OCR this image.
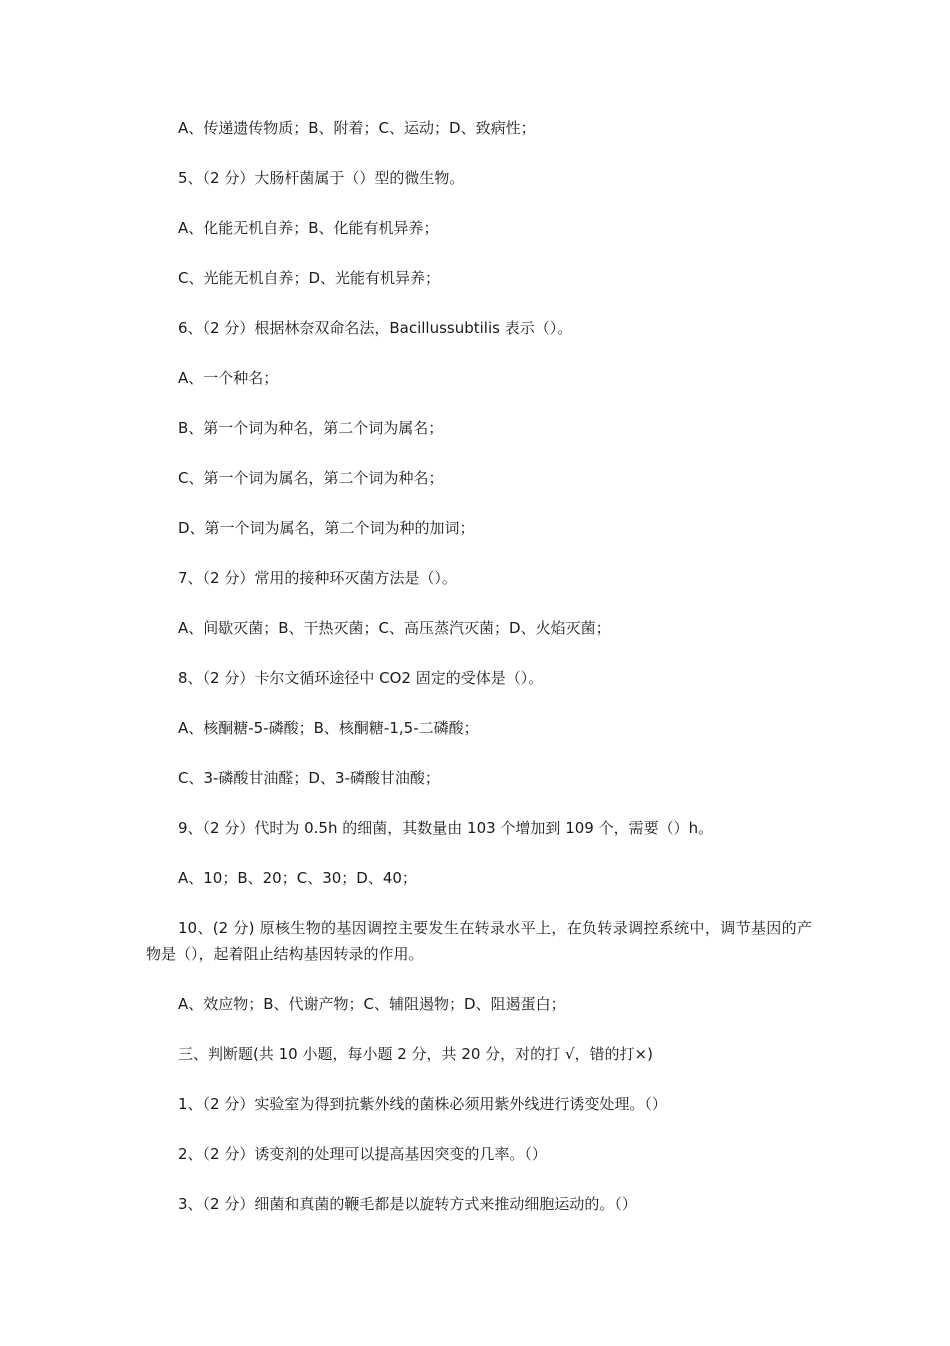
A、传递遗传物质；B、附着；C、运动；D、致病性；
5、（2 分）大肠杆菌属于（）型的微生物。
A、化能无机自养；B、化能有机异养；
C、光能无机自养；D、光能有机异养；
6、（2 分）根据林奈双命名法，Bacillussubtilis 表示（）。
A、一个种名；
B、第一个词为种名，第二个词为属名；
C、第一个词为属名，第二个词为种名；
D、第一个词为属名，第二个词为种的加词；
7、（2 分）常用的接种环灭菌方法是（）。
A、间歇灭菌；B、干热灭菌；C、高压蒸汽灭菌；D、火焰灭菌；
8、（2 分）卡尔文循环途径中 CO2 固定的受体是（）。
A、核酮糖-5-磷酸；B、核酮糖-1,5-二磷酸；
C、3-磷酸甘油醛；D、3-磷酸甘油酸；
9、（2 分）代时为 0.5h 的细菌，其数量由 103 个增加到 109 个，需要（）h。
A、10；B、20；C、30；D、40；
10、(2 分) 原核生物的基因调控主要发生在转录水平上，在负转录调控系统中，调节基因的产物是（），起着阻止结构基因转录的作用。
A、效应物；B、代谢产物；C、辅阻遏物；D、阻遏蛋白；
三、判断题(共 10 小题，每小题 2 分，共 20 分，对的打 √，错的打×)
1、（2 分）实验室为得到抗紫外线的菌株必须用紫外线进行诱变处理。（）
2、（2 分）诱变剂的处理可以提高基因突变的几率。（）
3、（2 分）细菌和真菌的鞭毛都是以旋转方式来推动细胞运动的。（）
